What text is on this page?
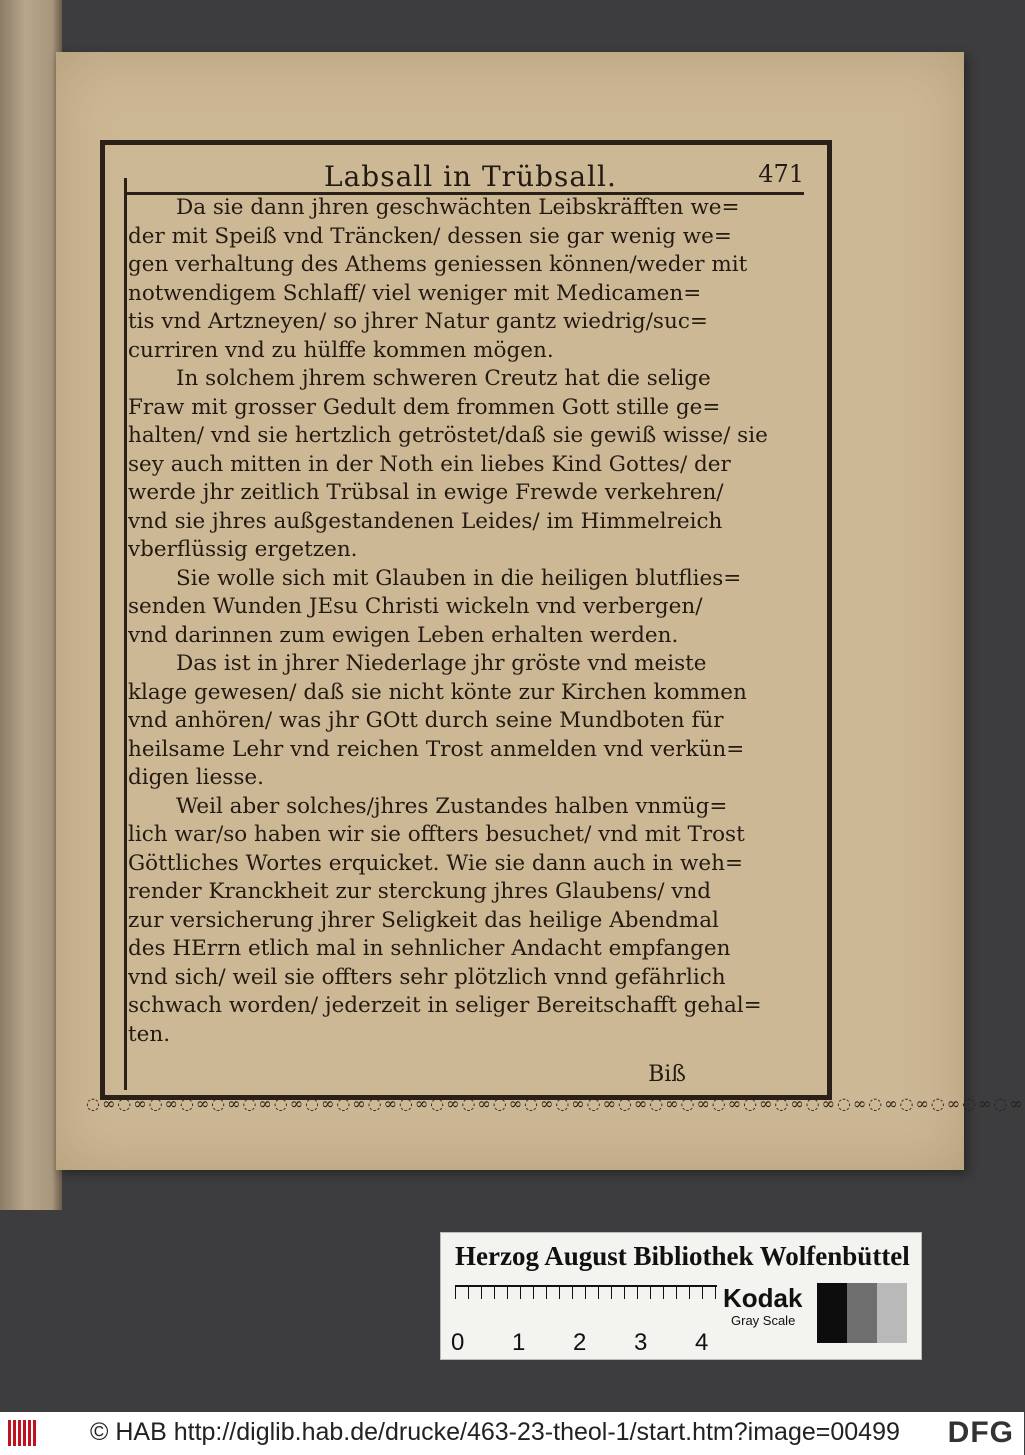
Labsall in Trübsall.	471
Da sie dann jhren geschwächten Leibskräfften we=
der mit Speiß vnd Träncken/ dessen sie gar wenig we=
gen verhaltung des Athems geniessen können/weder mit
notwendigem Schlaff/ viel weniger mit Medicamen=
tis vnd Artzneyen/ so jhrer Natur gantz wiedrig/suc=
curriren vnd zu hülffe kommen mögen.
In solchem jhrem schweren Creutz hat die selige
Fraw mit grosser Gedult dem frommen Gott stille ge=
halten/ vnd sie hertzlich getröstet/daß sie gewiß wisse/ sie
sey auch mitten in der Noth ein liebes Kind Gottes/ der
werde jhr zeitlich Trübsal in ewige Frewde verkehren/
vnd sie jhres außgestandenen Leides/ im Himmelreich
vberflüssig ergetzen.
Sie wolle sich mit Glauben in die heiligen blutflies=
senden Wunden JEsu Christi wickeln vnd verbergen/
vnd darinnen zum ewigen Leben erhalten werden.
Das ist in jhrer Niederlage jhr gröste vnd meiste
klage gewesen/ daß sie nicht könte zur Kirchen kommen
vnd anhören/ was jhr GOtt durch seine Mundboten für
heilsame Lehr vnd reichen Trost anmelden vnd verkün=
digen liesse.
Weil aber solches/jhres Zustandes halben vnmüg=
lich war/so haben wir sie offters besuchet/ vnd mit Trost
Göttliches Wortes erquicket. Wie sie dann auch in weh=
render Kranckheit zur sterckung jhres Glaubens/ vnd
zur versicherung jhrer Seligkeit das heilige Abendmal
des HErrn etlich mal in sehnlicher Andacht empfangen
vnd sich/ weil sie offters sehr plötzlich vnnd gefährlich
schwach worden/ jederzeit in seliger Bereitschafft gehal=
ten.
Biß
◌∞◌∞◌∞◌∞◌∞◌∞◌∞◌∞◌∞◌∞◌∞◌∞◌∞◌∞◌∞◌∞◌∞◌∞◌∞◌∞◌∞◌∞◌∞◌∞◌∞◌∞◌∞◌∞◌∞◌∞
Herzog August Bibliothek Wolfenbüttel
0 1 2 3 4
Kodak
Gray Scale
© HAB http://diglib.hab.de/drucke/463-23-theol-1/start.htm?image=00499 DFG
